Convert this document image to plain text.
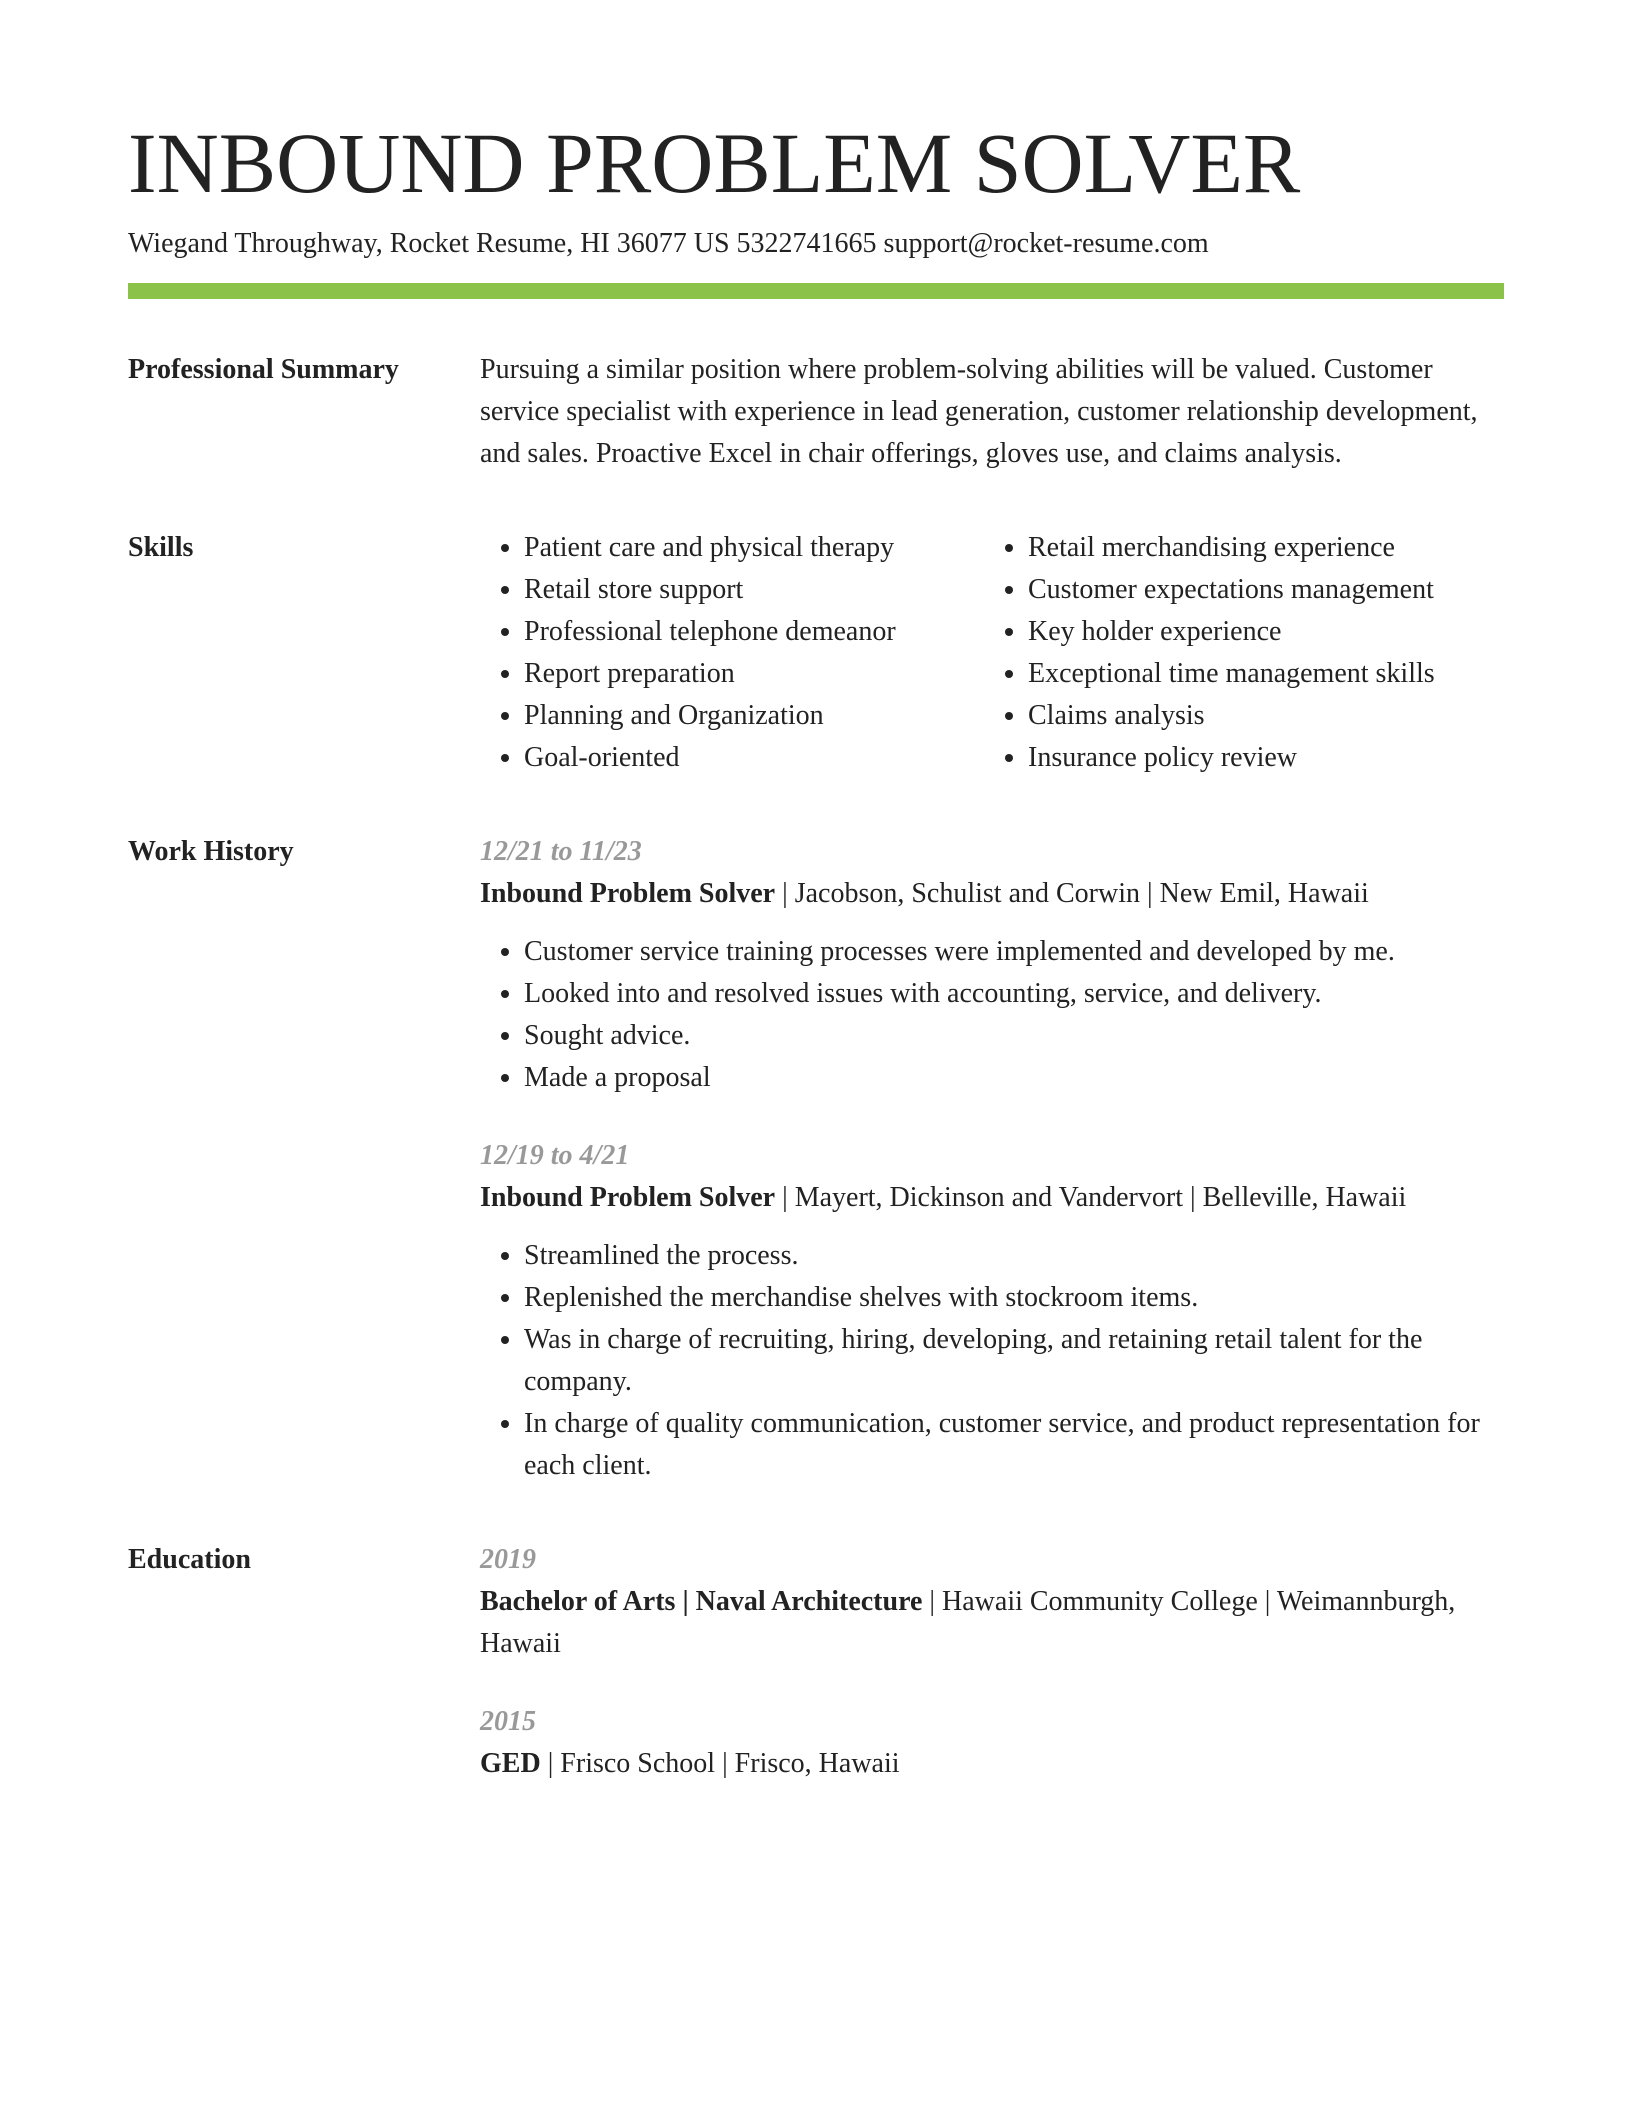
INBOUND PROBLEM SOLVER
Wiegand Throughway, Rocket Resume, HI 36077 US 5322741665 support@rocket-resume.com
Professional Summary	Pursuing a similar position where problem-solving abilities will be valued. Customer service specialist with experience in lead generation, customer relationship development, and sales. Proactive Excel in chair offerings, gloves use, and claims analysis.

Skills
•	Patient care and physical therapy
• Retail store support
• Professional telephone demeanor
• Report preparation
• Planning and Organization
• Goal-oriented
• Retail merchandising experience
• Customer expectations management
• Key holder experience
• Exceptional time management skills
• Claims analysis
• Insurance policy review
Work History	12/21 to 11/23
Inbound Problem Solver | Jacobson, Schulist and Corwin | New Emil, Hawaii
• Customer service training processes were implemented and developed by me.
• Looked into and resolved issues with accounting, service, and delivery.
• Sought advice.
• Made a proposal
12/19 to 4/21
Inbound Problem Solver | Mayert, Dickinson and Vandervort | Belleville, Hawaii
• Streamlined the process.
• Replenished the merchandise shelves with stockroom items.
• Was in charge of recruiting, hiring, developing, and retaining retail talent for the company.
• In charge of quality communication, customer service, and product representation for each client.
Education	2019
Bachelor of Arts | Naval Architecture | Hawaii Community College | Weimannburgh, Hawaii
2015
GED | Frisco School | Frisco, Hawaii
